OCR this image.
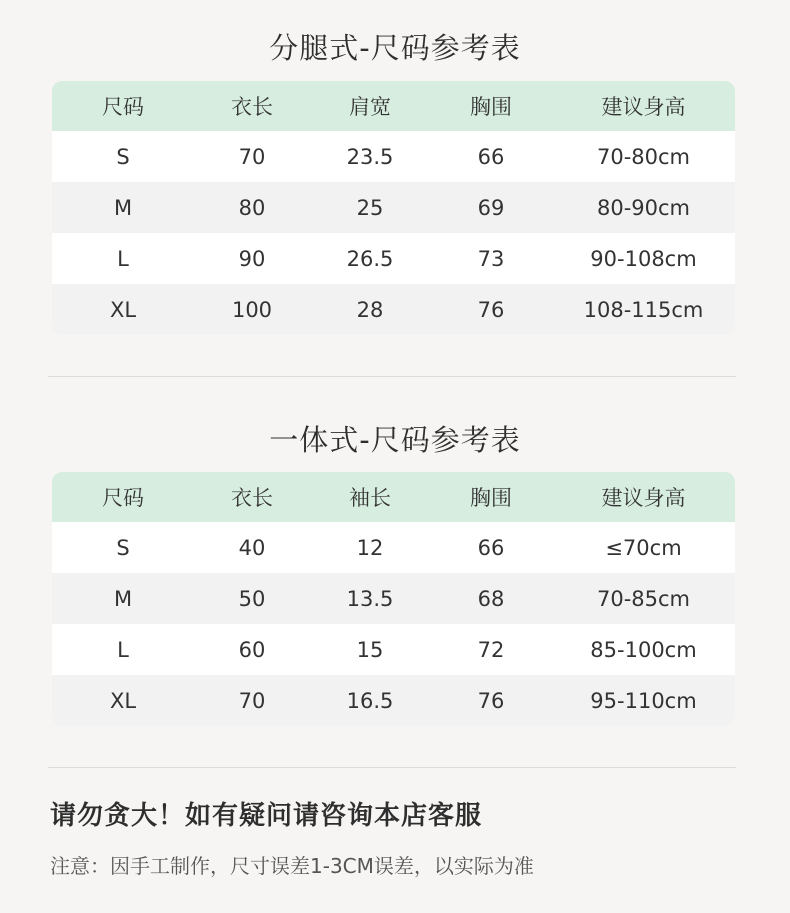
分腿式-尺码参考表
尺码	衣长	肩宽	胸围	建议身高
S	70	23.5	66	70-80cm
M	80	25	69	80-90cm
L	90	26.5	73	90-108cm
XL	100	28	76	108-115cm
一体式-尺码参考表
尺码	衣长	袖长	胸围	建议身高
S	40	12	66	≤70cm
M	50	13.5	68	70-85cm
L	60	15	72	85-100cm
XL	70	16.5	76	95-110cm
请勿贪大！如有疑问请咨询本店客服
注意：因手工制作，尺寸误差1-3CM误差，以实际为准
